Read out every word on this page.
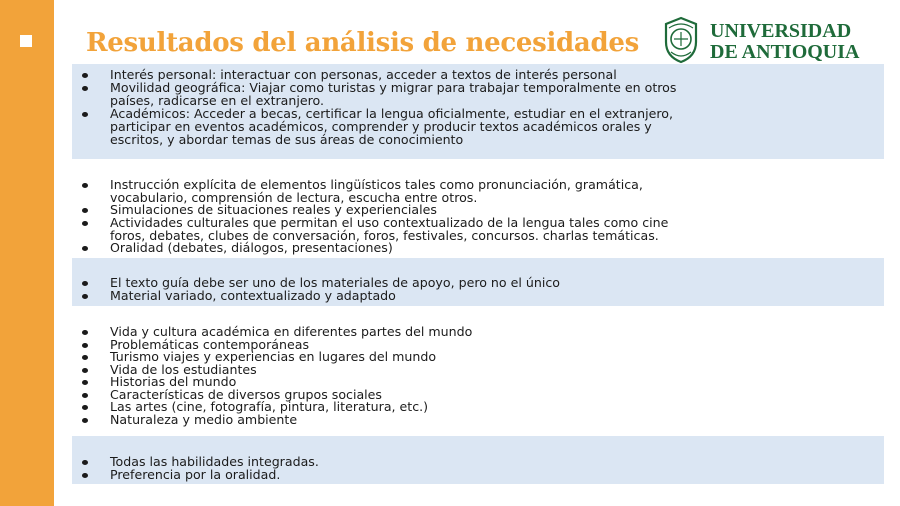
Resultados del análisis de necesidades	UNIVERSIDAD
DE ANTIOQUIA
Interés personal: interactuar con personas, acceder a textos de interés personal
Movilidad geográfica: Viajar como turistas y migrar para trabajar temporalmente en otros
países, radicarse en el extranjero.
Académicos: Acceder a becas, certificar la lengua oficialmente, estudiar en el extranjero,
participar en eventos académicos, comprender y producir textos académicos orales y
escritos, y abordar temas de sus áreas de conocimiento
Instrucción explícita de elementos lingüísticos tales como pronunciación, gramática,
vocabulario, comprensión de lectura, escucha entre otros.
Simulaciones de situaciones reales y experienciales
Actividades culturales que permitan el uso contextualizado de la lengua tales como cine
foros, debates, clubes de conversación, foros, festivales, concursos. charlas temáticas.
Oralidad (debates, diálogos, presentaciones)
El texto guía debe ser uno de los materiales de apoyo, pero no el único
Material variado, contextualizado y adaptado
Vida y cultura académica en diferentes partes del mundo
Problemáticas contemporáneas
Turismo viajes y experiencias en lugares del mundo
Vida de los estudiantes
Historias del mundo
Características de diversos grupos sociales
Las artes (cine, fotografía, pintura, literatura, etc.)
Naturaleza y medio ambiente
Todas las habilidades integradas.
Preferencia por la oralidad.
